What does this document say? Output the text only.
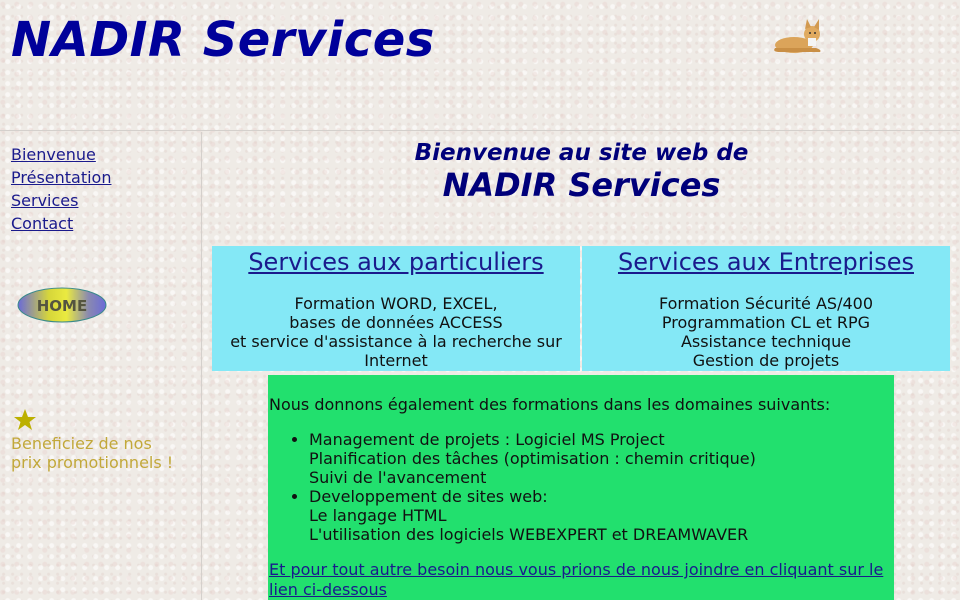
NADIR Services
Bienvenue
Présentation
Services
Contact
HOME
Beneficiez de nos
prix promotionnels !
Bienvenue au site web de
NADIR Services
Services aux particuliers
Formation WORD, EXCEL,
bases de données ACCESS
et service d'assistance à la recherche sur
Internet
Services aux Entreprises
Formation Sécurité AS/400
Programmation CL et RPG
Assistance technique
Gestion de projets
Nous donnons également des formations dans les domaines suivants:
• Management de projets : Logiciel MS Project
Planification des tâches (optimisation : chemin critique)
Suivi de l'avancement
• Developpement de sites web:
Le langage HTML
L'utilisation des logiciels WEBEXPERT et DREAMWAVER
Et pour tout autre besoin nous vous prions de nous joindre en cliquant sur le lien ci-dessous
